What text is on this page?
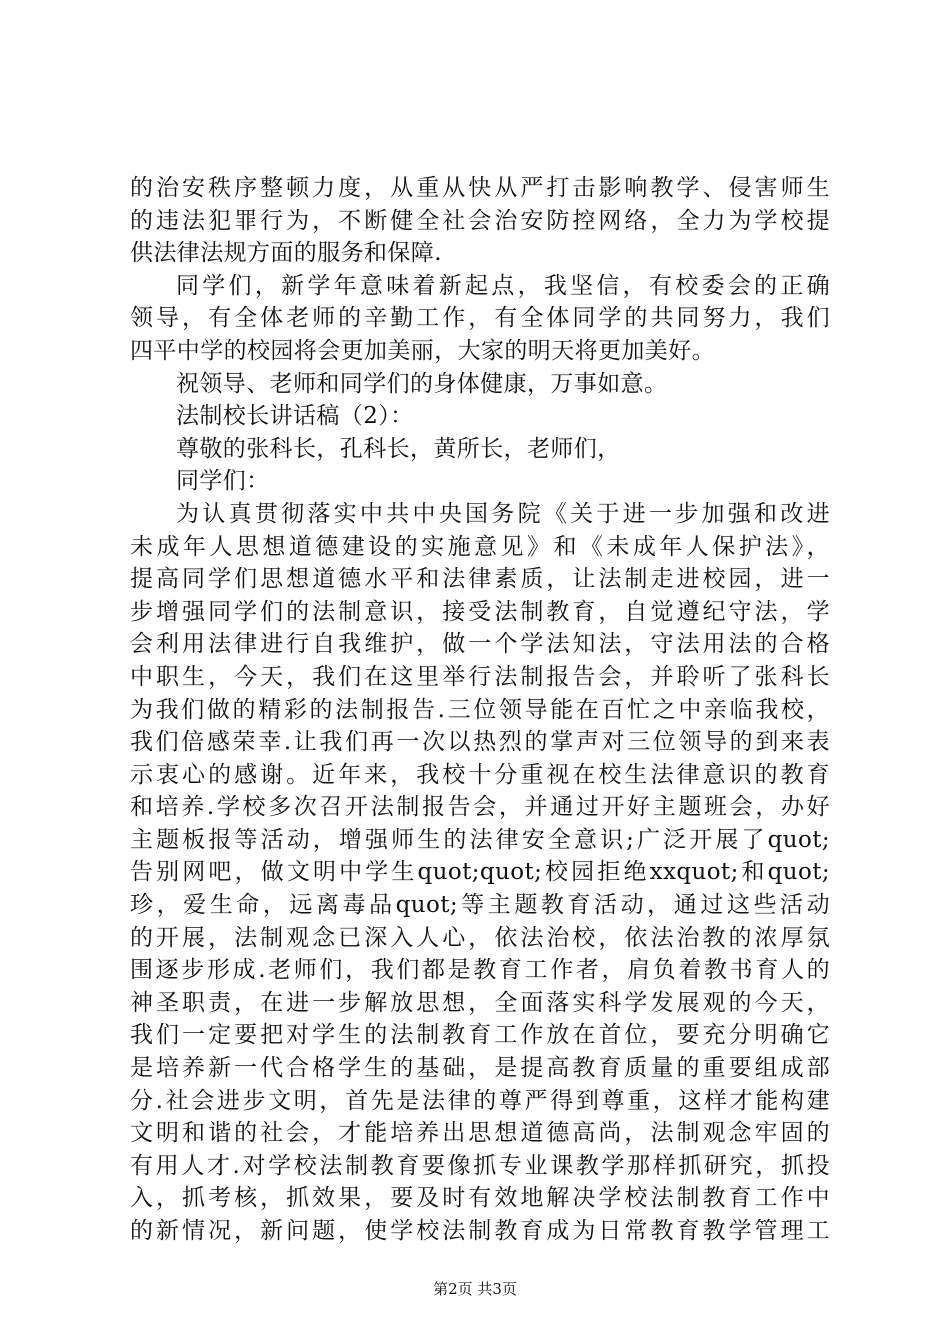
的治安秩序整顿力度，从重从快从严打击影响教学、侵害师生
的违法犯罪行为，不断健全社会治安防控网络，全力为学校提
供法律法规方面的服务和保障.
同学们，新学年意味着新起点，我坚信，有校委会的正确
领导，有全体老师的辛勤工作，有全体同学的共同努力，我们
四平中学的校园将会更加美丽，大家的明天将更加美好。
祝领导、老师和同学们的身体健康，万事如意。
法制校长讲话稿（2）：
尊敬的张科长，孔科长，黄所长，老师们，
同学们：
为认真贯彻落实中共中央国务院《关于进一步加强和改进
未成年人思想道德建设的实施意见》和《未成年人保护法》，
提高同学们思想道德水平和法律素质，让法制走进校园，进一
步增强同学们的法制意识，接受法制教育，自觉遵纪守法，学
会利用法律进行自我维护，做一个学法知法，守法用法的合格
中职生，今天，我们在这里举行法制报告会，并聆听了张科长
为我们做的精彩的法制报告.三位领导能在百忙之中亲临我校，
我们倍感荣幸.让我们再一次以热烈的掌声对三位领导的到来表
示衷心的感谢。近年来，我校十分重视在校生法律意识的教育
和培养.学校多次召开法制报告会，并通过开好主题班会，办好
主题板报等活动，增强师生的法律安全意识;广泛开展了quot;
告别网吧，做文明中学生quot;quot;校园拒绝xxquot;和quot;
珍，爱生命，远离毒品quot;等主题教育活动，通过这些活动
的开展，法制观念已深入人心，依法治校，依法治教的浓厚氛
围逐步形成.老师们，我们都是教育工作者，肩负着教书育人的
神圣职责，在进一步解放思想，全面落实科学发展观的今天，
我们一定要把对学生的法制教育工作放在首位，要充分明确它
是培养新一代合格学生的基础，是提高教育质量的重要组成部
分.社会进步文明，首先是法律的尊严得到尊重，这样才能构建
文明和谐的社会，才能培养出思想道德高尚，法制观念牢固的
有用人才.对学校法制教育要像抓专业课教学那样抓研究，抓投
入，抓考核，抓效果，要及时有效地解决学校法制教育工作中
的新情况，新问题，使学校法制教育成为日常教育教学管理工
第2页 共3页
